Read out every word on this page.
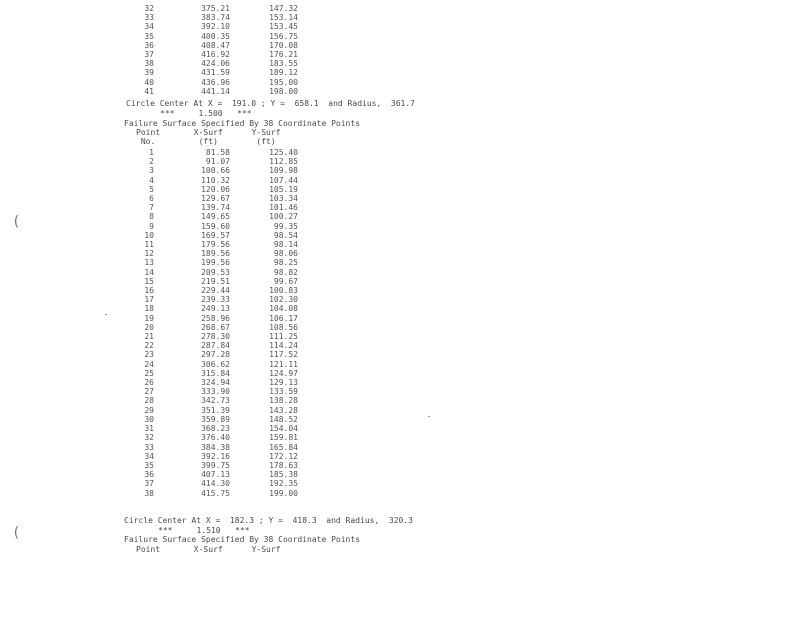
32
33
34
35
36
37
38
39
40
41
375.21
383.74
392.10
400.35
408.47
416.92
424.06
431.59
436.96
441.14
147.32
153.14
153.45
156.75
170.08
176.21
183.55
189.12
195.00
198.00
Circle Center At X =  191.0 ; Y =  658.1  and Radius,  361.7
***     1.500   ***
Failure Surface Specified By 38 Coordinate Points
Point       X-Surf      Y-Surf
No.         (ft)        (ft)
1
2
3
4
5
6
7
8
9
10
11
12
13
14
15
16
17
18
19
20
21
22
23
24
25
26
27
28
29
30
31
32
33
34
35
36
37
38
81.58
91.07
100.66
110.32
120.06
129.67
139.74
149.65
159.60
169.57
179.56
189.56
199.56
209.53
219.51
229.44
239.33
249.13
258.96
268.67
278.30
287.84
297.28
306.62
315.84
324.94
333.90
342.73
351.39
359.89
368.23
376.40
384.38
392.16
399.75
407.13
414.30
415.75
125.40
112.85
109.98
107.44
105.19
103.34
101.46
100.27
99.35
98.54
98.14
98.06
98.25
98.82
99.67
100.83
102.30
104.08
106.17
108.56
111.25
114.24
117.52
121.11
124.97
129.13
133.59
138.28
143.28
148.52
154.04
159.81
165.84
172.12
178.63
185.38
192.35
199.00
Circle Center At X =  182.3 ; Y =  418.3  and Radius,  320.3
***     1.510   ***
Failure Surface Specified By 38 Coordinate Points
Point       X-Surf      Y-Surf
(
(
